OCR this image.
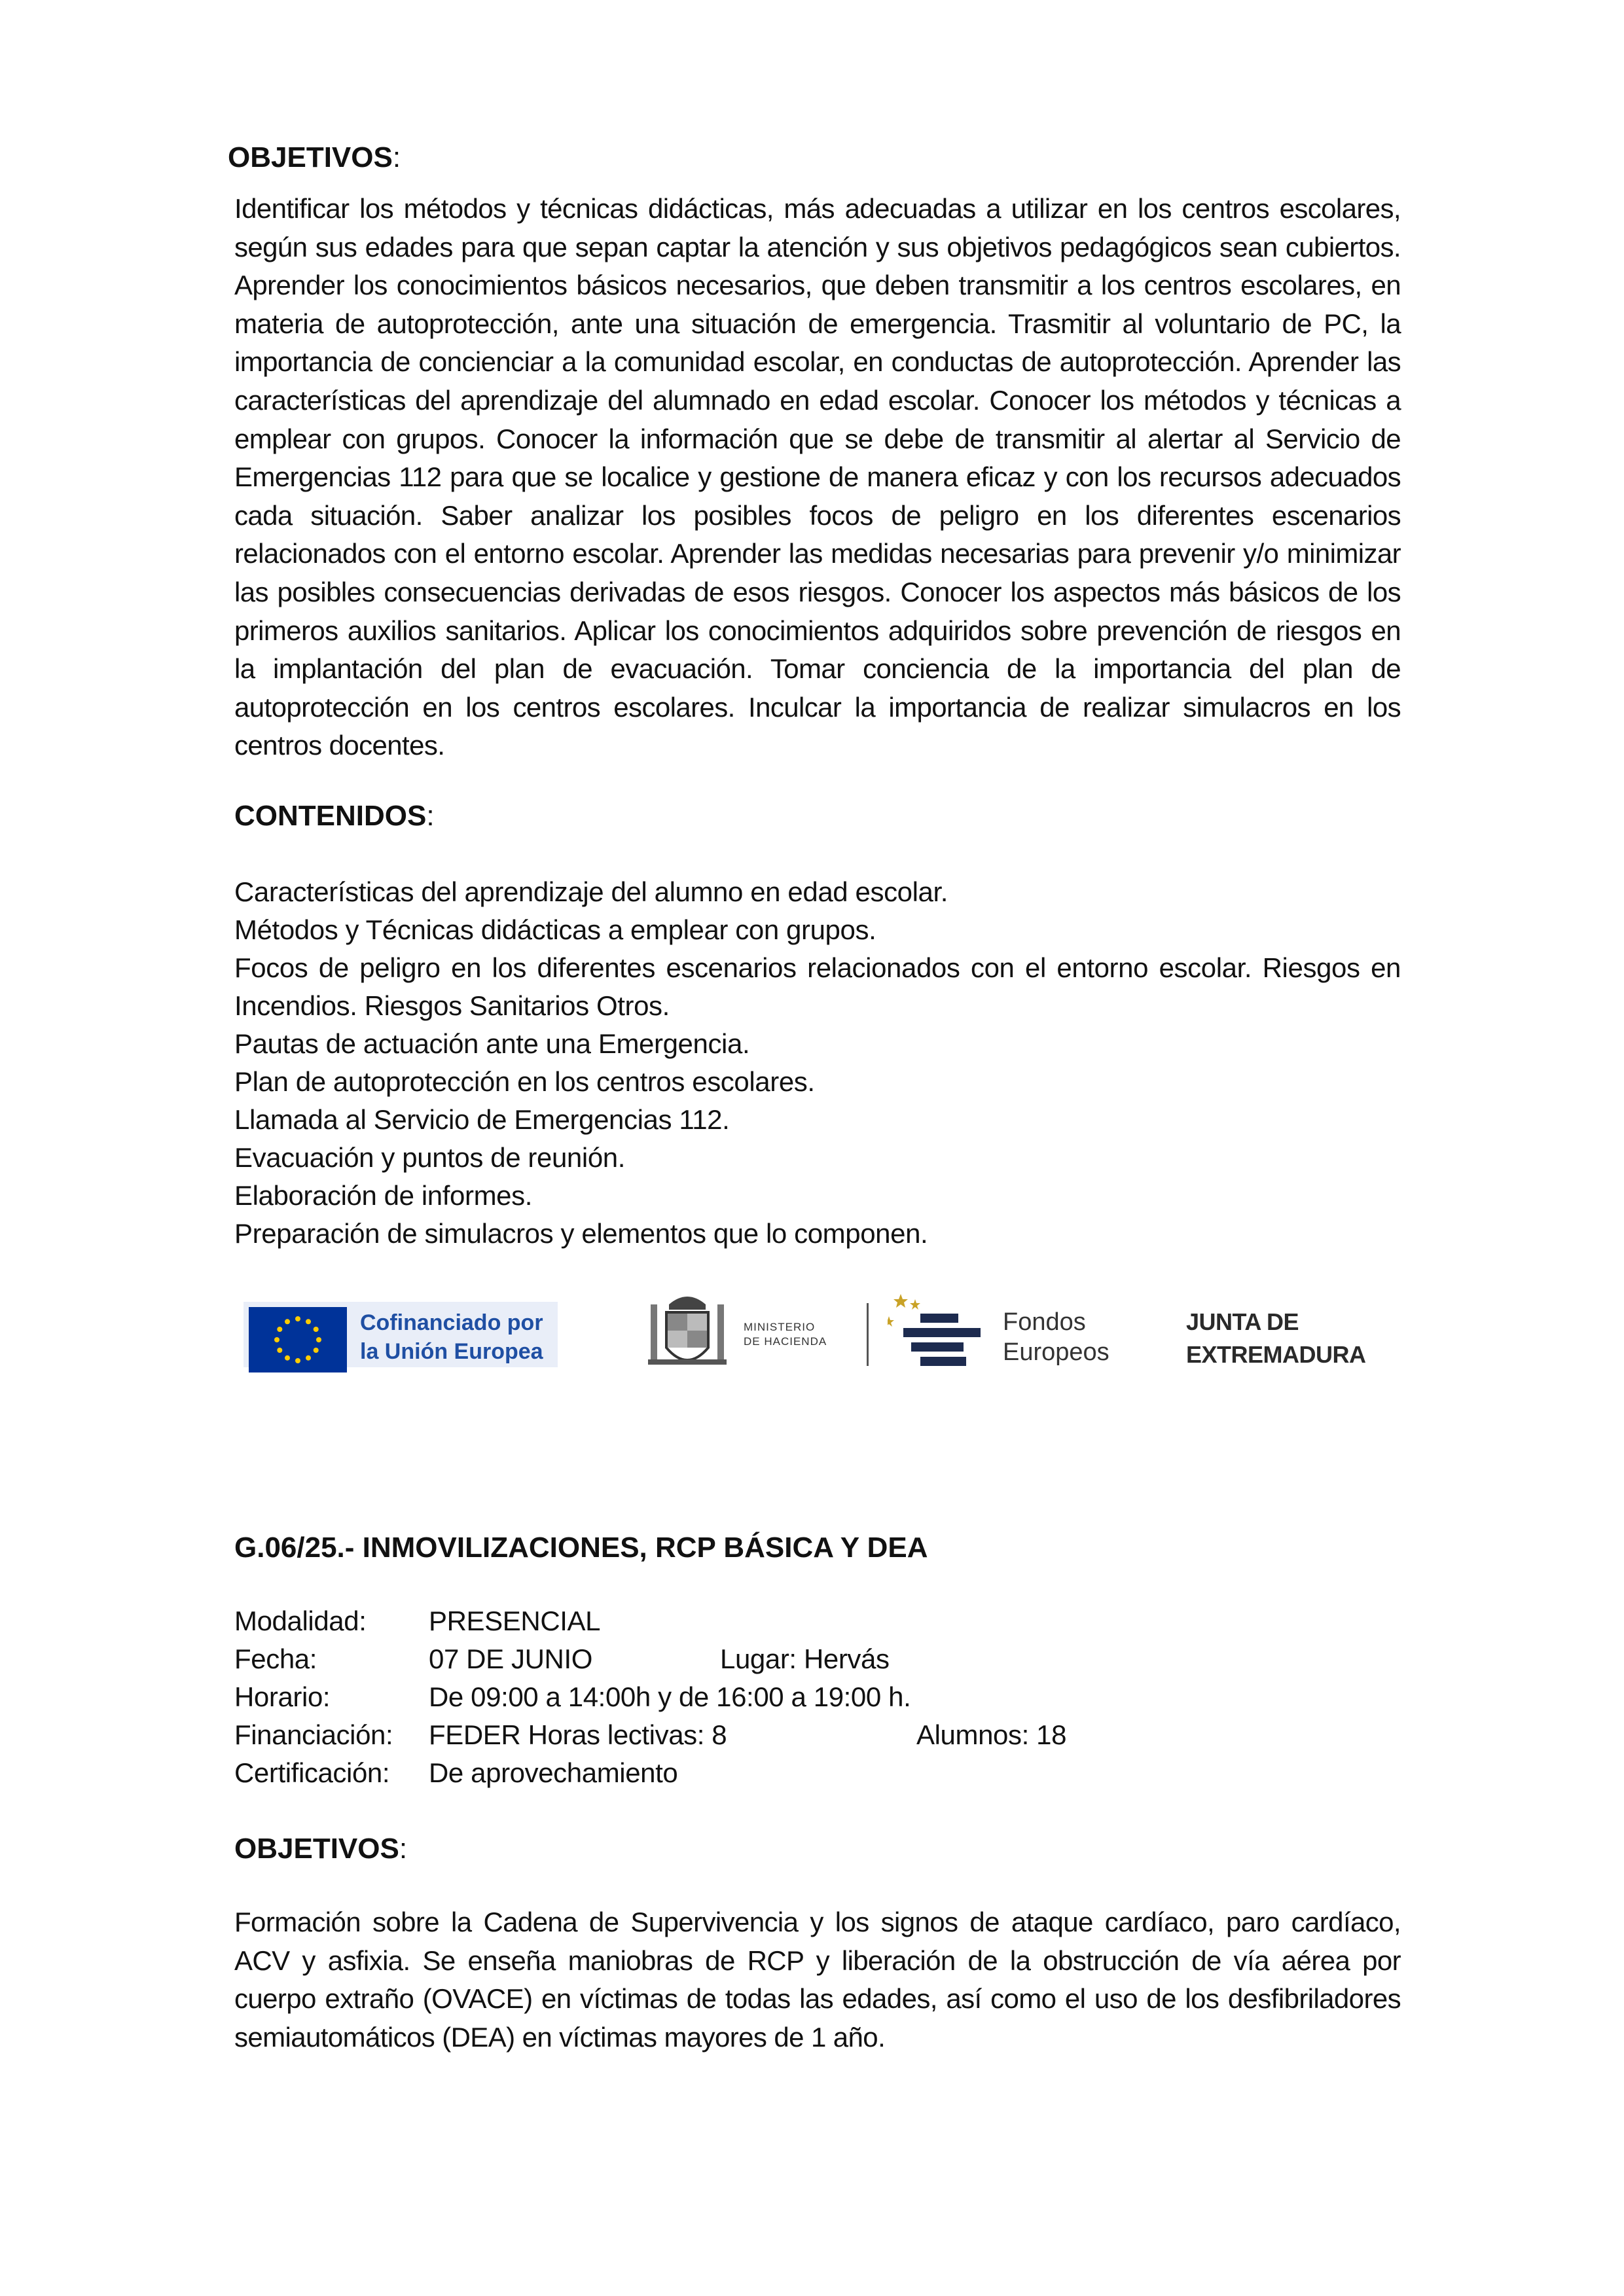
OBJETIVOS:

Identificar los métodos y técnicas didácticas, más adecuadas a utilizar en los centros escolares, según sus edades para que sepan captar la atención y sus objetivos pedagógicos sean cubiertos. Aprender los conocimientos básicos necesarios, que deben transmitir a los centros escolares, en materia de autoprotección, ante una situación de emergencia. Trasmitir al voluntario de PC, la importancia de concienciar a la comunidad escolar, en conductas de autoprotección. Aprender las características del aprendizaje del alumnado en edad escolar. Conocer los métodos y técnicas a emplear con grupos. Conocer la información que se debe de transmitir al alertar al Servicio de Emergencias 112 para que se localice y gestione de manera eficaz y con los recursos adecuados cada situación. Saber analizar los posibles focos de peligro en los diferentes escenarios relacionados con el entorno escolar. Aprender las medidas necesarias para prevenir y/o minimizar las posibles consecuencias derivadas de esos riesgos. Conocer los aspectos más básicos de los primeros auxilios sanitarios. Aplicar los conocimientos adquiridos sobre prevención de riesgos en la implantación del plan de evacuación. Tomar conciencia de la importancia del plan de autoprotección en los centros escolares. Inculcar la importancia de realizar simulacros en los centros docentes.

CONTENIDOS:
Características del aprendizaje del alumno en edad escolar.
Métodos y Técnicas didácticas a emplear con grupos.
Focos de peligro en los diferentes escenarios relacionados con el entorno escolar. Riesgos en Incendios. Riesgos Sanitarios Otros.
Pautas de actuación ante una Emergencia.
Plan de autoprotección en los centros escolares.
Llamada al Servicio de Emergencias 112.
Evacuación y puntos de reunión.
Elaboración de informes.
Preparación de simulacros y elementos que lo componen.
Cofinanciado por
la Unión Europea
MINISTERIO
DE HACIENDA
Fondos
Europeos
JUNTA DE
EXTREMADURA
G.06/25.- INMOVILIZACIONES, RCP BÁSICA Y DEA
Modalidad: PRESENCIAL
Fecha:	07 DE JUNIO	Lugar: Hervás
Horario:	De 09:00 a 14:00h y de 16:00 a 19:00 h.
Financiación: FEDER Horas lectivas: 8	Alumnos: 18
Certificación: De aprovechamiento
OBJETIVOS:

Formación sobre la Cadena de Supervivencia y los signos de ataque cardíaco, paro cardíaco, ACV y asfixia. Se enseña maniobras de RCP y liberación de la obstrucción de vía aérea por cuerpo extraño (OVACE) en víctimas de todas las edades, así como el uso de los desfibriladores semiautomáticos (DEA) en víctimas mayores de 1 año.
